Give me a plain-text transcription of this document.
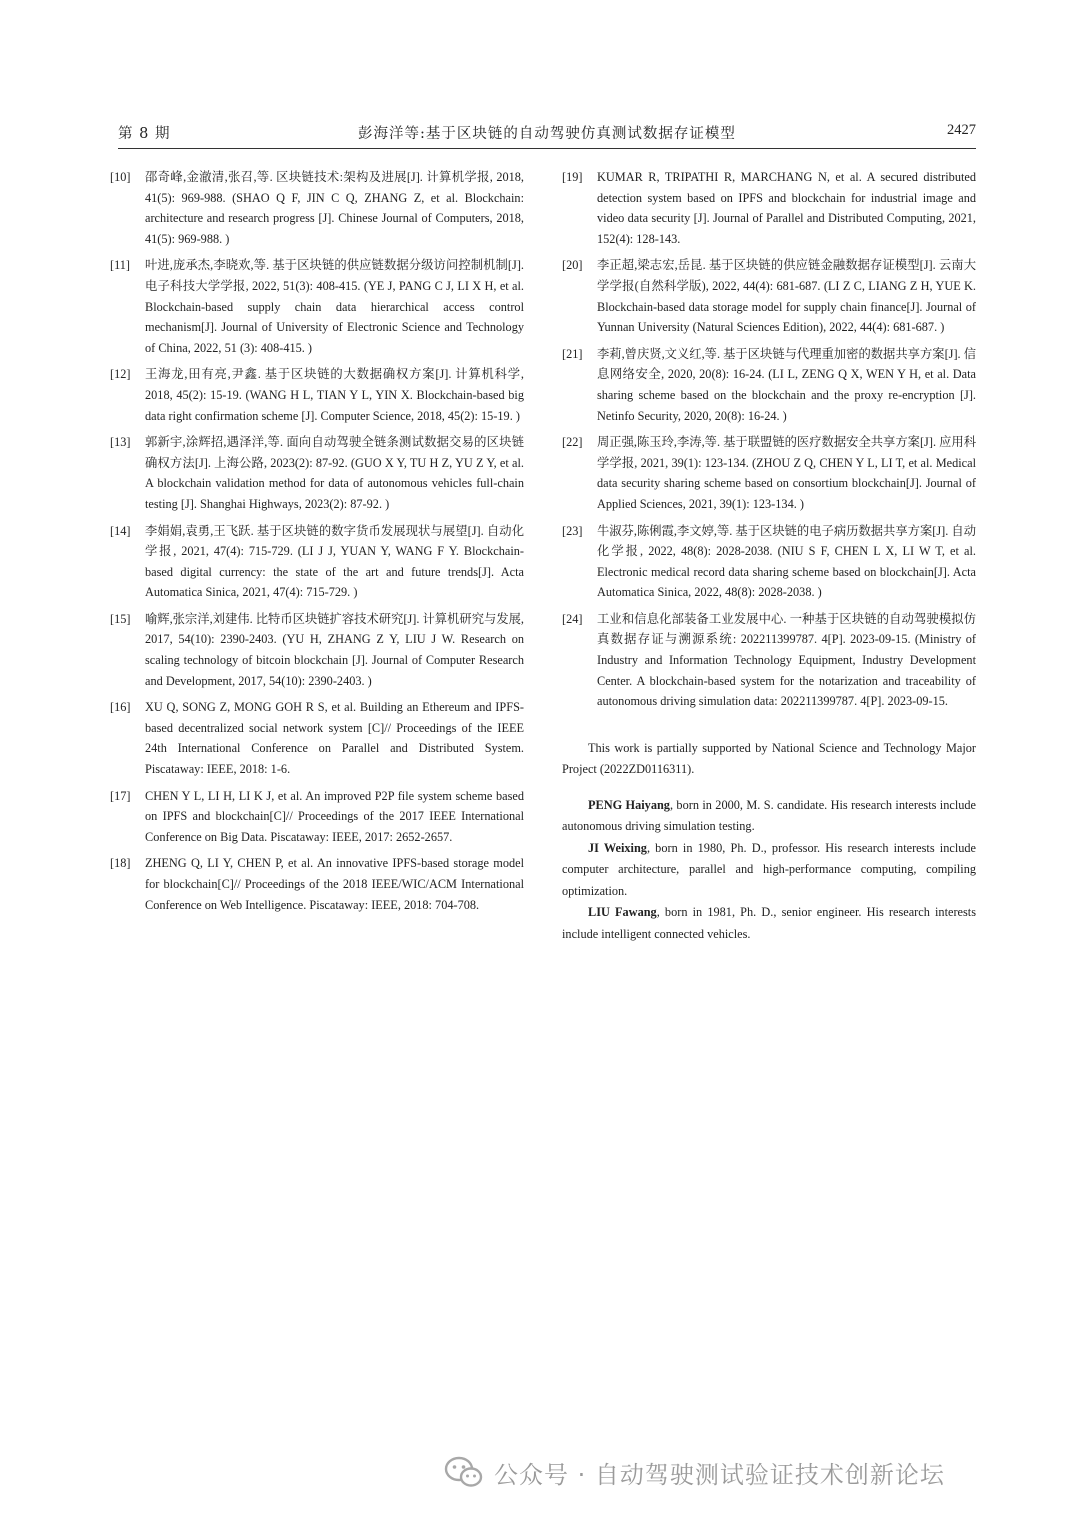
第 8 期	彭海洋等:基于区块链的自动驾驶仿真测试数据存证模型	2427
[10] 邵奇峰,金澈清,张召,等. 区块链技术:架构及进展[J]. 计算机学报, 2018, 41(5): 969-988. (SHAO Q F, JIN C Q, ZHANG Z, et al. Blockchain: architecture and research progress [J]. Chinese Journal of Computers, 2018, 41(5): 969-988. )
[11] 叶进,庞承杰,李晓欢,等. 基于区块链的供应链数据分级访问控制机制[J]. 电子科技大学学报, 2022, 51(3): 408-415. (YE J, PANG C J, LI X H, et al. Blockchain-based supply chain data hierarchical access control mechanism[J]. Journal of University of Electronic Science and Technology of China, 2022, 51 (3): 408-415. )
[12] 王海龙,田有亮,尹鑫. 基于区块链的大数据确权方案[J]. 计算机科学, 2018, 45(2): 15-19. (WANG H L, TIAN Y L, YIN X. Blockchain-based big data right confirmation scheme [J]. Computer Science, 2018, 45(2): 15-19. )
[13] 郭新宇,涂辉招,遇泽洋,等. 面向自动驾驶全链条测试数据交易的区块链确权方法[J]. 上海公路, 2023(2): 87-92. (GUO X Y, TU H Z, YU Z Y, et al. A blockchain validation method for data of autonomous vehicles full-chain testing [J]. Shanghai Highways, 2023(2): 87-92. )
[14] 李娟娟,袁勇,王飞跃. 基于区块链的数字货币发展现状与展望[J]. 自动化学报, 2021, 47(4): 715-729. (LI J J, YUAN Y, WANG F Y. Blockchain-based digital currency: the state of the art and future trends[J]. Acta Automatica Sinica, 2021, 47(4): 715-729. )
[15] 喻辉,张宗洋,刘建伟. 比特币区块链扩容技术研究[J]. 计算机研究与发展, 2017, 54(10): 2390-2403. (YU H, ZHANG Z Y, LIU J W. Research on scaling technology of bitcoin blockchain [J]. Journal of Computer Research and Development, 2017, 54(10): 2390-2403. )
[16] XU Q, SONG Z, MONG GOH R S, et al. Building an Ethereum and IPFS-based decentralized social network system [C]// Proceedings of the IEEE 24th International Conference on Parallel and Distributed System. Piscataway: IEEE, 2018: 1-6.
[17] CHEN Y L, LI H, LI K J, et al. An improved P2P file system scheme based on IPFS and blockchain[C]// Proceedings of the 2017 IEEE International Conference on Big Data. Piscataway: IEEE, 2017: 2652-2657.
[18] ZHENG Q, LI Y, CHEN P, et al. An innovative IPFS-based storage model for blockchain[C]// Proceedings of the 2018 IEEE/WIC/ACM International Conference on Web Intelligence. Piscataway: IEEE, 2018: 704-708.
[19] KUMAR R, TRIPATHI R, MARCHANG N, et al. A secured distributed detection system based on IPFS and blockchain for industrial image and video data security [J]. Journal of Parallel and Distributed Computing, 2021, 152(4): 128-143.
[20] 李正超,梁志宏,岳昆. 基于区块链的供应链金融数据存证模型[J]. 云南大学学报(自然科学版), 2022, 44(4): 681-687. (LI Z C, LIANG Z H, YUE K. Blockchain-based data storage model for supply chain finance[J]. Journal of Yunnan University (Natural Sciences Edition), 2022, 44(4): 681-687. )
[21] 李莉,曾庆贤,文义红,等. 基于区块链与代理重加密的数据共享方案[J]. 信息网络安全, 2020, 20(8): 16-24. (LI L, ZENG Q X, WEN Y H, et al. Data sharing scheme based on the blockchain and the proxy re-encryption [J]. Netinfo Security, 2020, 20(8): 16-24. )
[22] 周正强,陈玉玲,李涛,等. 基于联盟链的医疗数据安全共享方案[J]. 应用科学学报, 2021, 39(1): 123-134. (ZHOU Z Q, CHEN Y L, LI T, et al. Medical data security sharing scheme based on consortium blockchain[J]. Journal of Applied Sciences, 2021, 39(1): 123-134. )
[23] 牛淑芬,陈俐霞,李文婷,等. 基于区块链的电子病历数据共享方案[J]. 自动化学报, 2022, 48(8): 2028-2038. (NIU S F, CHEN L X, LI W T, et al. Electronic medical record data sharing scheme based on blockchain[J]. Acta Automatica Sinica, 2022, 48(8): 2028-2038. )
[24] 工业和信息化部装备工业发展中心. 一种基于区块链的自动驾驶模拟仿真数据存证与溯源系统: 202211399787. 4[P]. 2023-09-15. (Ministry of Industry and Information Technology Equipment, Industry Development Center. A blockchain-based system for the notarization and traceability of autonomous driving simulation data: 202211399787. 4[P]. 2023-09-15.

This work is partially supported by National Science and Technology Major Project (2022ZD0116311).

PENG Haiyang, born in 2000, M. S. candidate. His research interests include autonomous driving simulation testing.

JI Weixing, born in 1980, Ph. D., professor. His research interests include computer architecture, parallel and high-performance computing, compiling optimization.

LIU Fawang, born in 1981, Ph. D., senior engineer. His research interests include intelligent connected vehicles.

公众号 · 自动驾驶测试验证技术创新论坛
